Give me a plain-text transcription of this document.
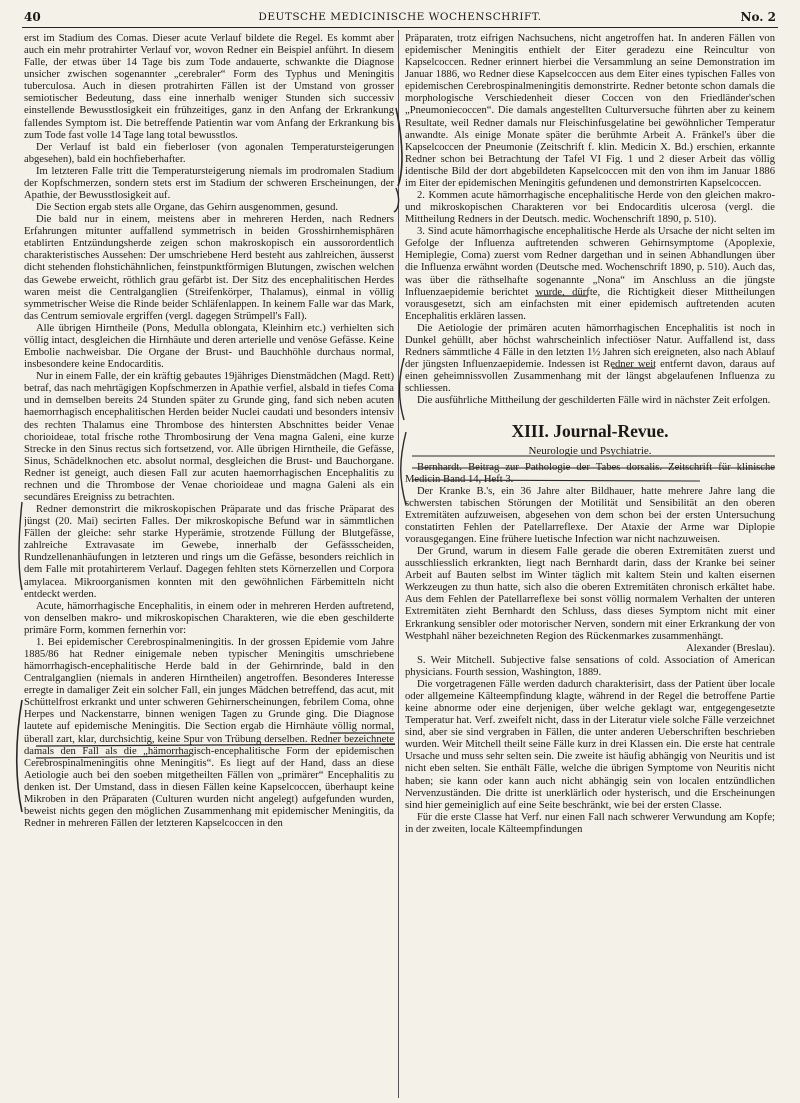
40	DEUTSCHE MEDICINISCHE WOCHENSCHRIFT.	No. 2

erst im Stadium des Comas. Dieser acute Verlauf bildete die Regel. Es kommt aber auch ein mehr protrahirter Verlauf vor, wovon Redner ein Beispiel anführt. In diesem Falle, der etwas über 14 Tage bis zum Tode andauerte, schwankte die Diagnose unsicher zwischen sogenannter „cerebraler“ Form des Typhus und Meningitis tuberculosa. Auch in diesen protrahirten Fällen ist der Umstand von grosser semiotischer Bedeutung, dass eine innerhalb weniger Stunden sich successiv einstellende Bewusstlosigkeit ein frühzeitiges, ganz in den Anfang der Erkrankung fallendes Symptom ist. Die betreffende Patientin war vom Anfang der Erkrankung bis zum Tode fast volle 14 Tage lang total bewusstlos.

Der Verlauf ist bald ein fieberloser (von agonalen Temperatursteigerungen abgesehen), bald ein hochfieberhafter.

Im letzteren Falle tritt die Temperatursteigerung niemals im prodromalen Stadium der Kopfschmerzen, sondern stets erst im Stadium der schweren Erscheinungen, der Apathie, der Bewusstlosigkeit auf.

Die Section ergab stets alle Organe, das Gehirn ausgenommen, gesund.

Die bald nur in einem, meistens aber in mehreren Herden, nach Redners Erfahrungen mitunter auffallend symmetrisch in beiden Grosshirnhemisphären etablirten Entzündungsherde zeigen schon makroskopisch ein aussorordentlich charakteristisches Aussehen: Der umschriebene Herd besteht aus zahlreichen, äusserst dicht stehenden flohstichähnlichen, feinstpunktförmigen Blutungen, zwischen welchen das Gewebe erweicht, röthlich grau gefärbt ist. Der Sitz des encephalitischen Herdes waren meist die Centralganglien (Streifenkörper, Thalamus), einmal in völlig symmetrischer Weise die Rinde beider Schläfenlappen. In keinem Falle war das Mark, das Centrum semiovale ergriffen (vergl. dagegen Strümpell's Fall).

Alle übrigen Hirntheile (Pons, Medulla oblongata, Kleinhirn etc.) verhielten sich völlig intact, desgleichen die Hirnhäute und deren arterielle und venöse Gefässe. Keine Embolie nachweisbar. Die Organe der Brust- und Bauchhöhle durchaus normal, insbesondere keine Endocarditis.

Nur in einem Falle, der ein kräftig gebautes 19jähriges Dienstmädchen (Magd. Rett) betraf, das nach mehrtägigen Kopfschmerzen in Apathie verfiel, alsbald in tiefes Coma und in demselben bereits 24 Stunden später zu Grunde ging, fand sich neben acuten haemorrhagisch encephalitischen Herden beider Nuclei caudati und besonders intensiv des rechten Thalamus eine Thrombose des hintersten Abschnittes beider Venae chorioideae, total frische rothe Thrombosirung der Vena magna Galeni, eine kurze Strecke in den Sinus rectus sich fortsetzend, vor. Alle übrigen Hirntheile, die Gefässe, Sinus, Schädelknochen etc. absolut normal, desgleichen die Brust- und Bauchorgane. Redner ist geneigt, auch diesen Fall zur acuten haemorrhagischen Encephalitis zu rechnen und die Thrombose der Venae chorioideae und magna Galeni als ein secundäres Ereigniss zu betrachten.

Redner demonstrirt die mikroskopischen Präparate und das frische Präparat des jüngst (20. Mai) secirten Falles. Der mikroskopische Befund war in sämmtlichen Fällen der gleiche: sehr starke Hyperämie, strotzende Füllung der Blutgefässe, zahlreiche Extravasate im Gewebe, innerhalb der Gefässscheiden, Rundzellenanhäufungen in letzteren und rings um die Gefässe, besonders reichlich in dem Falle mit protahirterem Verlauf. Dagegen fehlten stets Körnerzellen und Corpora amylacea. Mikroorganismen konnten mit den gewöhnlichen Färbemitteln nicht entdeckt werden.

Acute, hämorrhagische Encephalitis, in einem oder in mehreren Herden auftretend, von denselben makro- und mikroskopischen Charakteren, wie die eben geschilderte primäre Form, kommen fernerhin vor:

1. Bei epidemischer Cerebrospinalmeningitis. In der grossen Epidemie vom Jahre 1885/86 hat Redner einigemale neben typischer Meningitis umschriebene hämorrhagisch-encephalitische Herde bald in der Gehirnrinde, bald in den Centralganglien (niemals in anderen Hirntheilen) angetroffen. Besonderes Interesse erregte in damaliger Zeit ein solcher Fall, ein junges Mädchen betreffend, das acut, mit Schüttelfrost erkrankt und unter schweren Gehirnerscheinungen, febrilem Coma, ohne Herpes und Nackenstarre, binnen wenigen Tagen zu Grunde ging. Die Diagnose lautete auf epidemische Meningitis. Die Section ergab die Hirnhäute völlig normal, überall zart, klar, durchsichtig, keine Spur von Trübung derselben. Redner bezeichnete damals den Fall als die „hämorrhagisch-encephalitische Form der epidemischen Cerebrospinalmeningitis ohne Meningitis“. Es liegt auf der Hand, dass an diese Aetiologie auch bei den soeben mitgetheilten Fällen von „primärer“ Encephalitis zu denken ist. Der Umstand, dass in diesen Fällen keine Kapselcoccen, überhaupt keine Mikroben in den Präparaten (Culturen wurden nicht angelegt) aufgefunden wurden, beweist nichts gegen den möglichen Zusammenhang mit epidemischer Meningitis, da Redner in mehreren Fällen der letzteren Kapselcoccen in den

Präparaten, trotz eifrigen Nachsuchens, nicht angetroffen hat. In anderen Fällen von epidemischer Meningitis enthielt der Eiter geradezu eine Reincultur von Kapselcoccen. Redner erinnert hierbei die Versammlung an seine Demonstration im Januar 1886, wo Redner diese Kapselcoccen aus dem Eiter eines typischen Falles von epidemischen Cerebrospinalmeningitis demonstrirte. Redner betonte schon damals die morphologische Verschiedenheit dieser Coccen von den Friedländer'schen „Pneumoniecoccen“. Die damals angestellten Culturversuche führten aber zu keinem Resultate, weil Redner damals nur Fleischinfusgelatine bei gewöhnlicher Temperatur anwandte. Als einige Monate später die berühmte Arbeit A. Fränkel's über die Kapselcoccen der Pneumonie (Zeitschrift f. klin. Medicin X. Bd.) erschien, erkannte Redner schon bei Betrachtung der Tafel VI Fig. 1 und 2 dieser Arbeit das völlig identische Bild der dort abgebildeten Kapselcoccen mit den von ihm im Januar 1886 im Eiter der epidemischen Meningitis gefundenen und demonstrirten Kapselcoccen.

2. Kommen acute hämorrhagische encephalitische Herde von den gleichen makro- und mikroskopischen Charakteren vor bei Endocarditis ulcerosa (vergl. die Mittheilung Redners in der Deutsch. medic. Wochenschrift 1890, p. 510).

3. Sind acute hämorrhagische encephalitische Herde als Ursache der nicht selten im Gefolge der Influenza auftretenden schweren Gehirnsymptome (Apoplexie, Hemiplegie, Coma) zuerst vom Redner dargethan und in seinen Abhandlungen über die Influenza erwähnt worden (Deutsche med. Wochenschrift 1890, p. 510). Auch das, was über die räthselhafte sogenannte „Nona“ im Anschluss an die jüngste Influenzaepidemie berichtet wurde, dürfte, die Richtigkeit dieser Mittheilungen vorausgesetzt, sich am einfachsten mit einer epidemisch auftretenden acuten Encephalitis erklären lassen.

Die Aetiologie der primären acuten hämorrhagischen Encephalitis ist noch in Dunkel gehüllt, aber höchst wahrscheinlich infectiöser Natur. Auffallend ist, dass Redners sämmtliche 4 Fälle in den letzten 1½ Jahren sich ereigneten, also nach Ablauf der jüngsten Influenzaepidemie. Indessen ist Redner weit entfernt davon, daraus auf einen geheimnissvollen Zusammenhang mit der längst abgelaufenen Influenza zu schliessen.

Die ausführliche Mittheilung der geschilderten Fälle wird in nächster Zeit erfolgen.

XIII. Journal-Revue.
Neurologie und Psychiatrie.

Bernhardt. Beitrag zur Pathologie der Tabes dorsalis. Zeitschrift für klinische Medicin Band 14, Heft 3.

Der Kranke B.'s, ein 36 Jahre alter Bildhauer, hatte mehrere Jahre lang die schwersten tabischen Störungen der Motilität und Sensibilität an den oberen Extremitäten aufzuweisen, abgesehen von dem schon bei der ersten Untersuchung constatirten Fehlen der Patellarreflexe. Der Ataxie der Arme war Diplopie vorausgegangen. Eine frühere luetische Infection war nicht nachzuweisen.

Der Grund, warum in diesem Falle gerade die oberen Extremitäten zuerst und ausschliesslich erkrankten, liegt nach Bernhardt darin, dass der Kranke bei seiner Arbeit auf Bauten selbst im Winter täglich mit kaltem Stein und kalten eisernen Werkzeugen zu thun hatte, sich also die oberen Extremitäten chronisch erkältet habe. Aus dem Fehlen der Patellarreflexe bei sonst völlig normalem Verhalten der unteren Extremitäten zieht Bernhardt den Schluss, dass dieses Symptom nicht mit einer Erkrankung sensibler oder motorischer Nerven, sondern mit einer Erkrankung der von Westphahl näher bezeichneten Region des Rückenmarkes zusammenhängt.

Alexander (Breslau).

S. Weir Mitchell. Subjective false sensations of cold. Association of American physicians. Fourth session, Washington, 1889.

Die vorgetragenen Fälle werden dadurch charakterisirt, dass der Patient über locale oder allgemeine Kälteempfindung klagte, während in der Regel die betroffene Partie keine abnorme oder eine derjenigen, über welche geklagt war, entgegengesetzte Temperatur hat. Verf. zweifelt nicht, dass in der Literatur viele solche Fälle verzeichnet sind, aber sie sind vergraben in Fällen, die unter anderen Ueberschriften beschrieben wurden. Weir Mitchell theilt seine Fälle kurz in drei Klassen ein. Die erste hat centrale Ursache und muss sehr selten sein. Die zweite ist häufig abhängig von Neuritis und ist nicht eben selten. Sie enthält Fälle, welche die übrigen Symptome von Neuritis nicht haben; sie kann oder kann auch nicht abhängig sein von localen entzündlichen Nervenzuständen. Die dritte ist unerklärlich oder hysterisch, und die Erscheinungen sind hier gemeiniglich auf eine Seite beschränkt, wie bei der ersten Classe.

Für die erste Classe hat Verf. nur einen Fall nach schwerer Verwundung am Kopfe; in der zweiten, locale Kälteempfindungen
